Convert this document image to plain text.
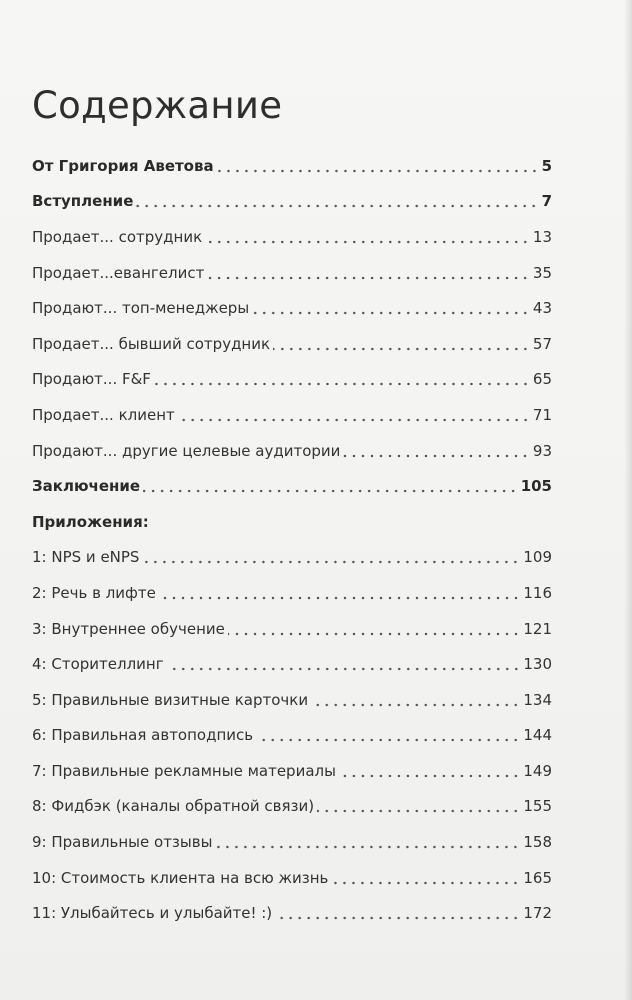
Содержание
От Григория Аветова	5
Вступление	7
Продает... сотрудник	13
Продает...евангелист	35
Продают... топ-менеджеры	43
Продает... бывший сотрудник	57
Продают... F&F	65
Продает... клиент	71
Продают... другие целевые аудитории	93
Заключение	105
Приложения:
1: NPS и eNPS	109
2: Речь в лифте	116
3: Внутреннее обучение	121
4: Сторителлинг	130
5: Правильные визитные карточки	134
6: Правильная автоподпись	144
7: Правильные рекламные материалы	149
8: Фидбэк (каналы обратной связи)	155
9: Правильные отзывы	158
10: Стоимость клиента на всю жизнь	165
11: Улыбайтесь и улыбайте! :)	172
